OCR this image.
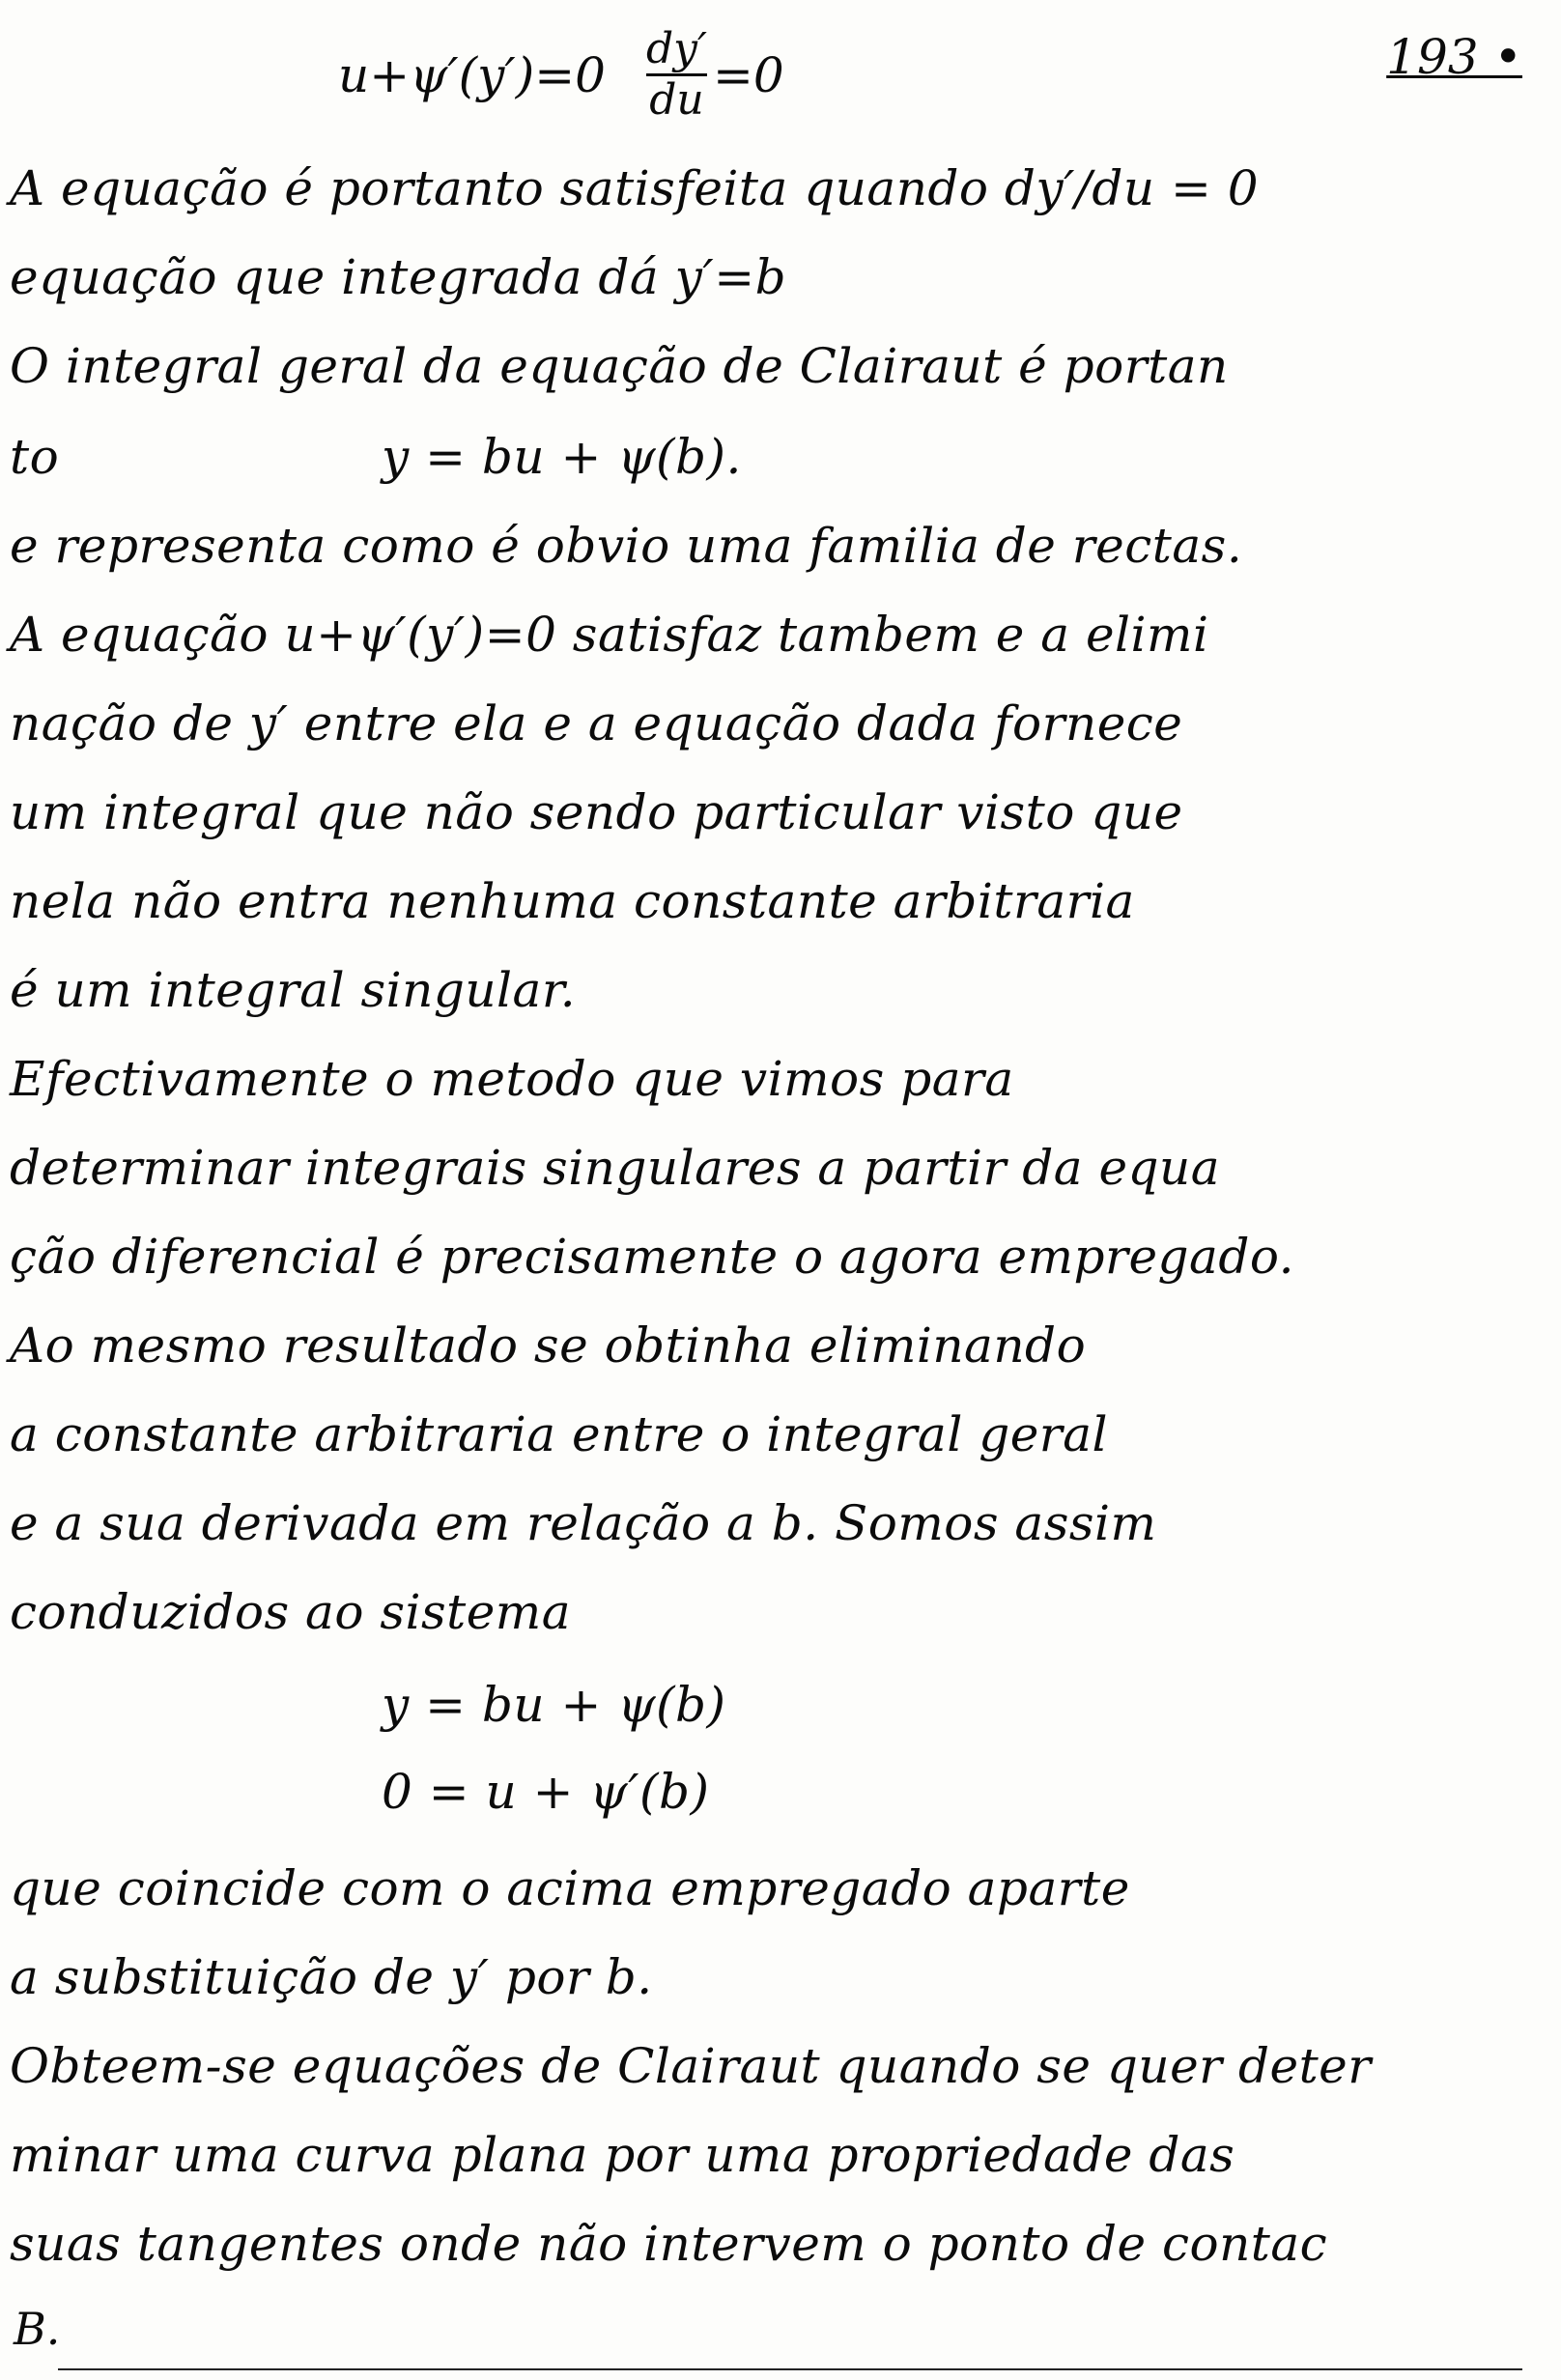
$u+\psi'(y')=0 \frac{dy'}{du} =0$	193 •
A equação é portanto satisfeita quando dy′/du = 0
equação que integrada dá y′=b
O integral geral da equação de Clairaut é portan
to	y = bu + ψ(b).
e representa como é obvio uma familia de rectas.
A equação u+ψ′(y′)=0 satisfaz tambem e a elimi
nação de y′ entre ela e a equação dada fornece
um integral que não sendo particular visto que
nela não entra nenhuma constante arbitraria
é um integral singular.
Efectivamente o metodo que vimos para
determinar integrais singulares a partir da equa
ção diferencial é precisamente o agora empregado.
Ao mesmo resultado se obtinha eliminando
a constante arbitraria entre o integral geral
e a sua derivada em relação a b. Somos assim
conduzidos ao sistema
y = bu + ψ(b)
0 = u + ψ′(b)
que coincide com o acima empregado aparte
a substituição de y′ por b.
Obteem-se equações de Clairaut quando se quer deter
minar uma curva plana por uma propriedade das
suas tangentes onde não intervem o ponto de contac
B.
